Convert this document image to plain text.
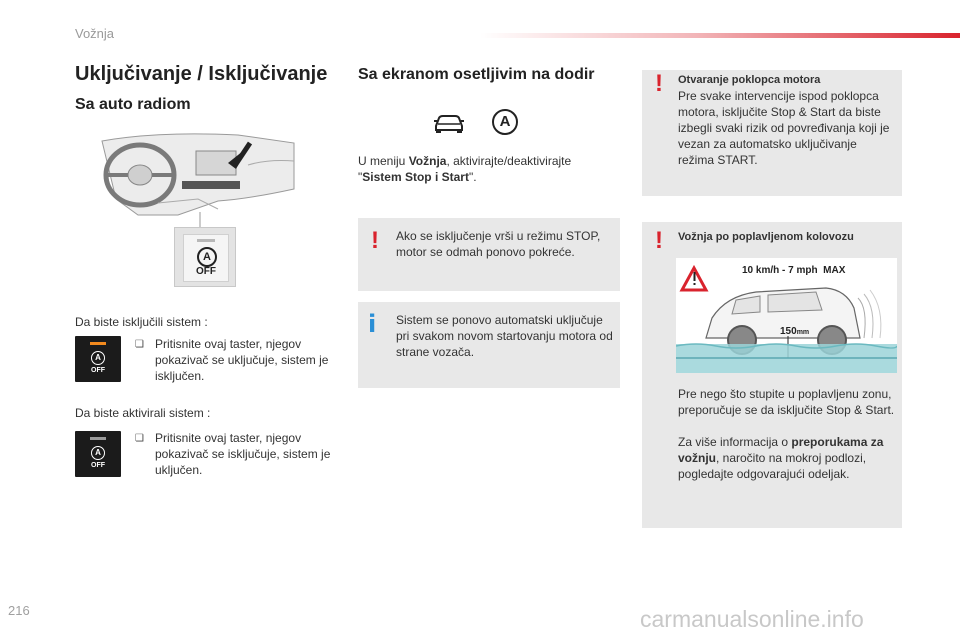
Vožnja
Uključivanje / Isključivanje
Sa auto radiom
A
OFF
Da biste isključili sistem :
A
OFF
❏ Pritisnite ovaj taster, njegov pokazivač se uključuje, sistem je isključen.
Da biste aktivirali sistem :
A
OFF
❏ Pritisnite ovaj taster, njegov pokazivač se isključuje, sistem je uključen.
Sa ekranom osetljivim na dodir
A
U meniju Vožnja, aktivirajte/deaktivirajte
"Sistem Stop i Start".
! Ako se isključenje vrši u režimu STOP, motor se odmah ponovo pokreće.
i Sistem se ponovo automatski uključuje pri svakom novom startovanju motora od strane vozača.
! Otvaranje poklopca motora
Pre svake intervencije ispod poklopca motora, isključite Stop & Start da biste izbegli svaki rizik od povređivanja koji je vezan za automatsko uključivanje režima START.
! Vožnja po poplavljenom kolovozu
10 km/h - 7 mph MAX
150mm
Pre nego što stupite u poplavljenu zonu, preporučuje se da isključite Stop & Start.
Za više informacija o preporukama za vožnju, naročito na mokroj podlozi, pogledajte odgovarajući odeljak.
216	carmanualsonline.info
